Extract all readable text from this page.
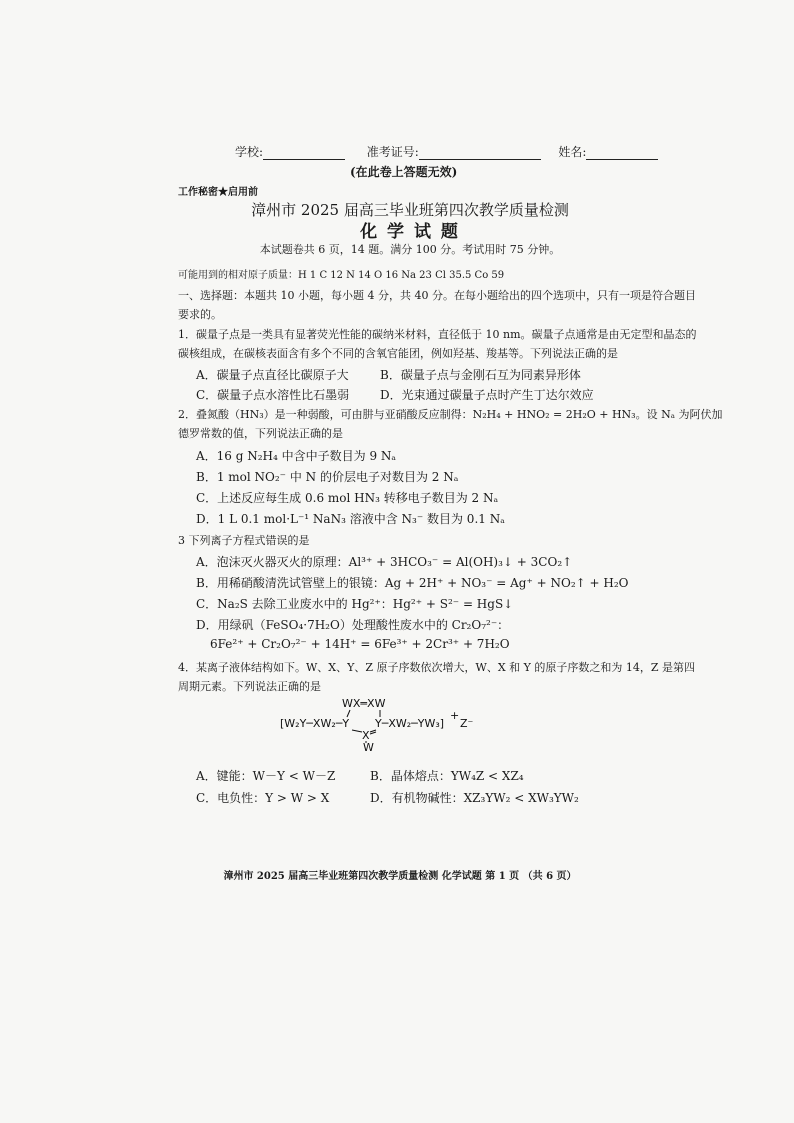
学校:	准考证号:	姓名:
(在此卷上答题无效)
工作秘密★启用前
漳州市 2025 届高三毕业班第四次教学质量检测
化 学 试 题
本试题卷共 6 页，14 题。满分 100 分。考试用时 75 分钟。
可能用到的相对原子质量：H 1 C 12 N 14 O 16 Na 23 Cl 35.5 Co 59
一、选择题：本题共 10 小题，每小题 4 分，共 40 分。在每小题给出的四个选项中，只有一项是符合题目
要求的。
1．碳量子点是一类具有显著荧光性能的碳纳米材料，直径低于 10 nm。碳量子点通常是由无定型和晶态的
碳核组成，在碳核表面含有多个不同的含氧官能团，例如羟基、羧基等。下列说法正确的是
A．碳量子点直径比碳原子大	B．碳量子点与金刚石互为同素异形体
C．碳量子点水溶性比石墨弱	D．光束通过碳量子点时产生丁达尔效应
2．叠氮酸（HN₃）是一种弱酸，可由肼与亚硝酸反应制得：N₂H₄ + HNO₂ = 2H₂O + HN₃。设 Nₐ 为阿伏加
德罗常数的值，下列说法正确的是
A．16 g N₂H₄ 中含中子数目为 9 Nₐ
B．1 mol NO₂⁻ 中 N 的价层电子对数目为 2 Nₐ
C．上述反应每生成 0.6 mol HN₃ 转移电子数目为 2 Nₐ
D．1 L 0.1 mol·L⁻¹ NaN₃ 溶液中含 N₃⁻ 数目为 0.1 Nₐ
3 下列离子方程式错误的是
A．泡沫灭火器灭火的原理：Al³⁺ + 3HCO₃⁻ = Al(OH)₃↓ + 3CO₂↑
B．用稀硝酸清洗试管壁上的银镜：Ag + 2H⁺ + NO₃⁻ = Ag⁺ + NO₂↑ + H₂O
C．Na₂S 去除工业废水中的 Hg²⁺：Hg²⁺ + S²⁻ = HgS↓
D．用绿矾（FeSO₄·7H₂O）处理酸性废水中的 Cr₂O₇²⁻：
6Fe²⁺ + Cr₂O₇²⁻ + 14H⁺ = 6Fe³⁺ + 2Cr³⁺ + 7H₂O
4．某离子液体结构如下。W、X、Y、Z 原子序数依次增大，W、X 和 Y 的原子序数之和为 14，Z 是第四
周期元素。下列说法正确的是
WX═XW
[W₂Y─XW₂─Y Y─XW₂─YW₃]
+
Z⁻
X
W
A．键能：W－Y < W－Z	B．晶体熔点：YW₄Z < XZ₄
C．电负性：Y > W > X	D．有机物碱性：XZ₃YW₂ < XW₃YW₂
漳州市 2025 届高三毕业班第四次教学质量检测 化学试题 第 1 页 （共 6 页）
